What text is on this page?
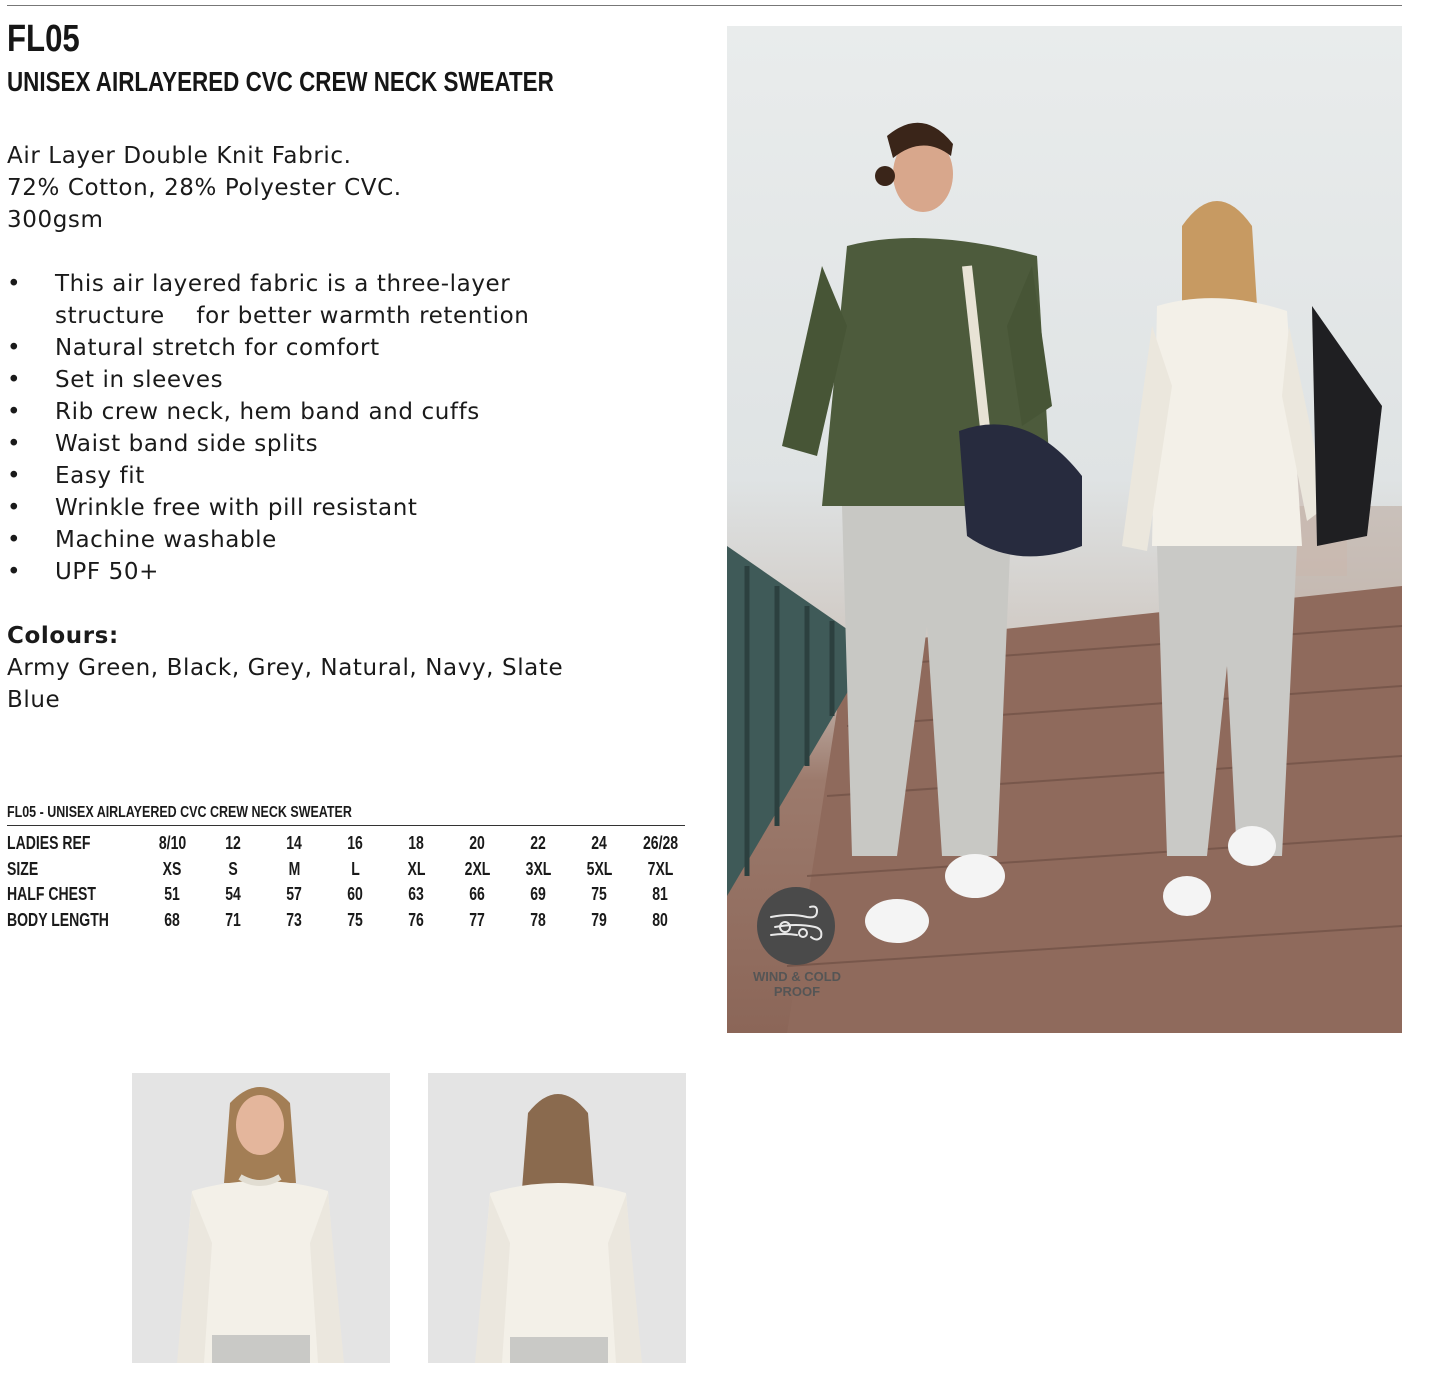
FL05
UNISEX AIRLAYERED CVC CREW NECK SWEATER
Air Layer Double Knit Fabric.
72% Cotton, 28% Polyester CVC.
300gsm
• This air layered fabric is a three-layer
structure    for better warmth retention
• Natural stretch for comfort
• Set in sleeves
• Rib crew neck, hem band and cuffs
• Waist band side splits
• Easy fit
• Wrinkle free with pill resistant
• Machine washable
• UPF 50+
Colours:
Army Green, Black, Grey, Natural, Navy, Slate Blue
FL05 - UNISEX AIRLAYERED CVC CREW NECK SWEATER
LADIES REF	8/10	12	14	16	18	20	22	24	26/28
SIZE	XS	S	M	L	XL	2XL	3XL	5XL	7XL
HALF CHEST	51	54	57	60	63	66	69	75	81
BODY LENGTH	68	71	73	75	76	77	78	79	80
WIND & COLD
PROOF
